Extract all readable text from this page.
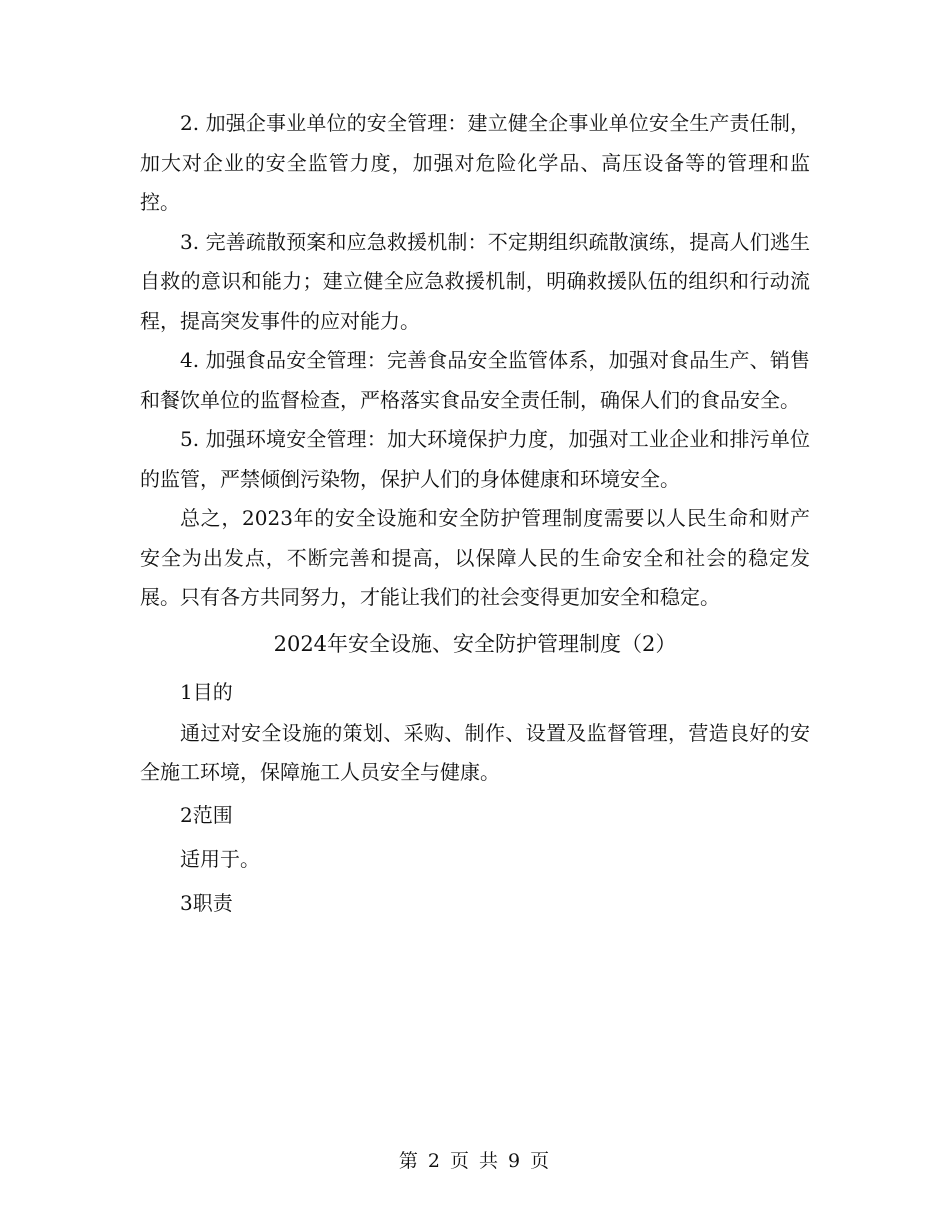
2. 加强企事业单位的安全管理：建立健全企事业单位安全生产责任制，加大对企业的安全监管力度，加强对危险化学品、高压设备等的管理和监控。

3. 完善疏散预案和应急救援机制：不定期组织疏散演练，提高人们逃生自救的意识和能力；建立健全应急救援机制，明确救援队伍的组织和行动流程，提高突发事件的应对能力。

4. 加强食品安全管理：完善食品安全监管体系，加强对食品生产、销售和餐饮单位的监督检查，严格落实食品安全责任制，确保人们的食品安全。

5. 加强环境安全管理：加大环境保护力度，加强对工业企业和排污单位的监管，严禁倾倒污染物，保护人们的身体健康和环境安全。

总之，2023年的安全设施和安全防护管理制度需要以人民生命和财产安全为出发点，不断完善和提高，以保障人民的生命安全和社会的稳定发展。只有各方共同努力，才能让我们的社会变得更加安全和稳定。

2024年安全设施、安全防护管理制度（2）

1目的

通过对安全设施的策划、采购、制作、设置及监督管理，营造良好的安全施工环境，保障施工人员安全与健康。

2范围

适用于。

3职责

第 2 页 共 9 页
